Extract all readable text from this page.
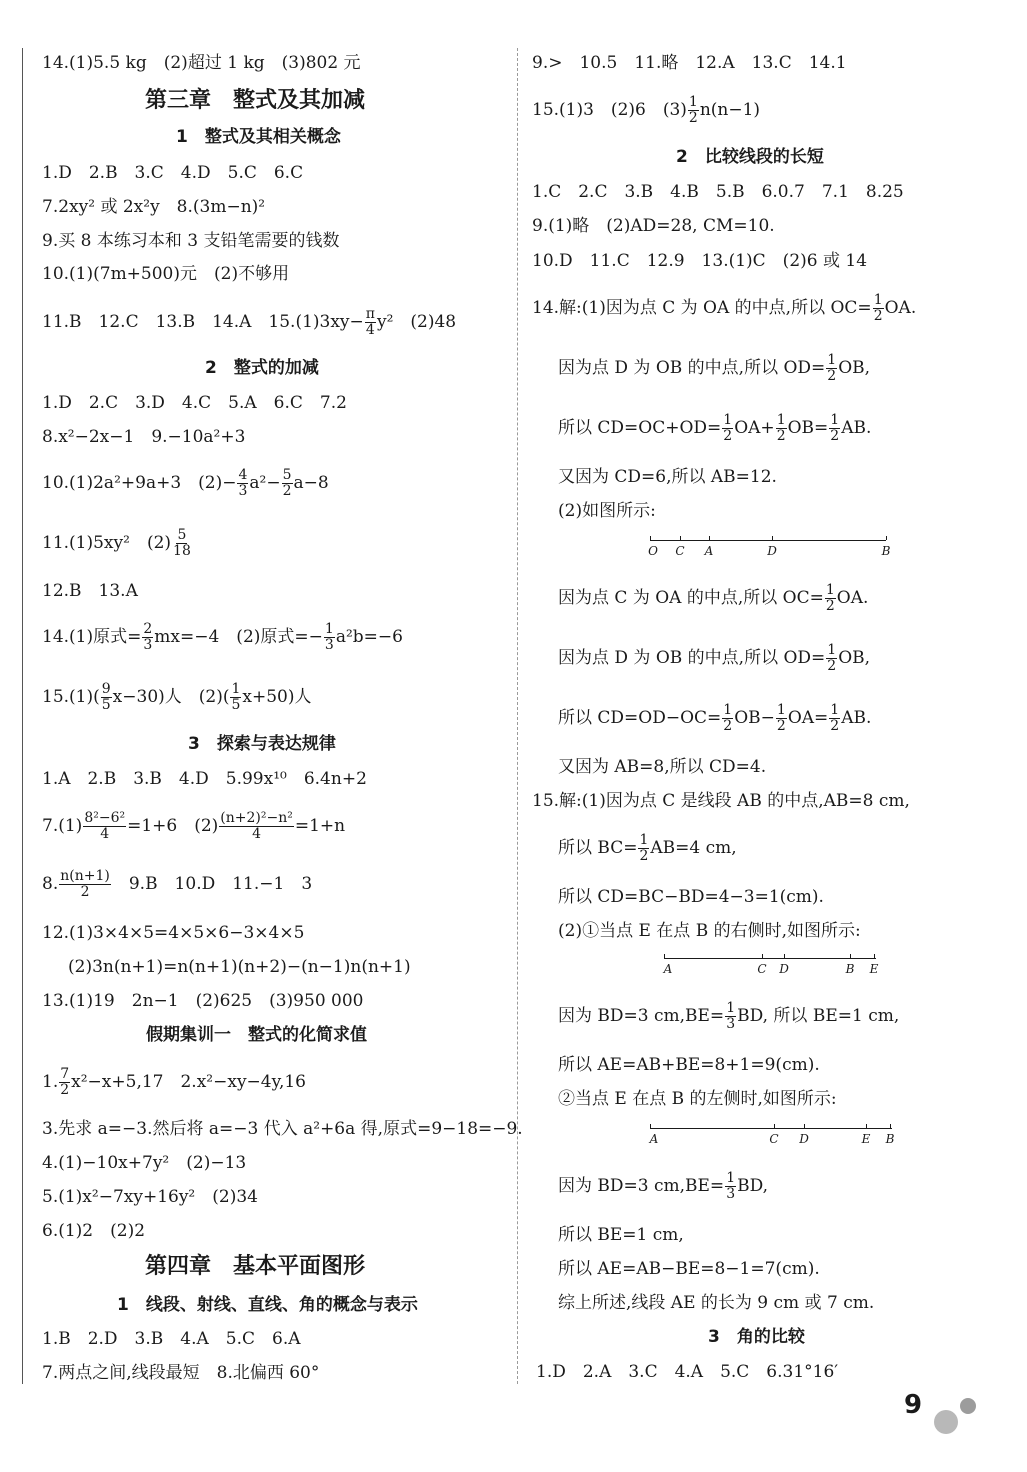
14.(1)5.5 kg　(2)超过 1 kg　(3)802 元
第三章　整式及其加减
1　整式及其相关概念
1.D　2.B　3.C　4.D　5.C　6.C
7.2xy² 或 2x²y　8.(3m−n)²
9.买 8 本练习本和 3 支铅笔需要的钱数
10.(1)(7m+500)元　(2)不够用
11.B　12.C　13.B　14.A　$15.(1)3xy- \frac{\pi}{4} y^2$　(2)48
2　整式的加减
1.D　2.C　3.D　4.C　5.A　6.C　7.2
8.x²−2x−1　9.−10a²+3
10.(1)2a²+9a+3　$(2)- \frac{4}{3} a^2- \frac{5}{2} a-8$
11.(1)5xy²　$(2) \frac{5}{18}$
12.B　13.A
14.(1)原式= $\frac{2}{3} mx=-4$　(2)原式=− $\frac{1}{3} a^2b=-6$
$15.(1)( \frac{9}{5} x-30)$人　$(2)( \frac{1}{5} x+50)$人
3　探索与表达规律
1.A　2.B　3.B　4.D　5.99x¹⁰　6.4n+2
$7.(1) \frac{\text{8²−6²}}{4} =1+6$　$(2) \frac{\text{(n+2)²−n²}}{4} =1+n$
8. $\frac{n(n+1)}{2}$ 　9.B　10.D　11.−1　3
12.(1)3×4×5=4×5×6−3×4×5
(2)3n(n+1)=n(n+1)(n+2)−(n−1)n(n+1)
13.(1)19　2n−1　(2)625　(3)950 000
假期集训一　整式的化简求值
1. $\frac{7}{2} x^2-x+5,17$　2.x²−xy−4y,16
3.先求 a=−3.然后将 a=−3 代入 a²+6a 得,原式=9−18=−9.
4.(1)−10x+7y²　(2)−13
5.(1)x²−7xy+16y²　(2)34
6.(1)2　(2)2
第四章　基本平面图形
1　线段、射线、直线、角的概念与表示
1.B　2.D　3.B　4.A　5.C　6.A
7.两点之间,线段最短　8.北偏西 60°
9.>　10.5　11.略　12.A　13.C　14.1
15.(1)3　(2)6　$(3) \frac{1}{2} n(n-1)$
2　比较线段的长短
1.C　2.C　3.B　4.B　5.B　6.0.7　7.1　8.25
9.(1)略　(2)AD=28, CM=10.
10.D　11.C　12.9　13.(1)C　(2)6 或 14
14.解:(1)因为点 C 为 OA 的中点,所以 $OC= \frac{1}{2}$ OA.
因为点 D 为 OB 的中点,所以 $OD= \frac{1}{2}$ OB,
所以 $CD=OC+OD= \frac{1}{2} OA+ \frac{1}{2} OB= \frac{1}{2}$ AB.
又因为 CD=6,所以 AB=12.
(2)如图所示:
O C A	D	B
因为点 C 为 OA 的中点,所以 $OC= \frac{1}{2}$ OA.
因为点 D 为 OB 的中点,所以 $OD= \frac{1}{2}$ OB,
所以 $CD=OD-OC= \frac{1}{2} OB- \frac{1}{2} OA= \frac{1}{2}$ AB.
又因为 AB=8,所以 CD=4.
15.解:(1)因为点 C 是线段 AB 的中点,AB=8 cm,
所以 $BC= \frac{1}{2} AB=4$ cm,
所以 CD=BC−BD=4−3=1(cm).
(2)①当点 E 在点 B 的右侧时,如图所示:
A	C D	B E
因为 BD=3 $cm,BE= \frac{1}{3}$ BD, 所以 BE=1 cm,
所以 AE=AB+BE=8+1=9(cm).
②当点 E 在点 B 的左侧时,如图所示:
A	C D	E B
因为 BD=3 $cm,BE= \frac{1}{3}$ BD,
所以 BE=1 cm,
所以 AE=AB−BE=8−1=7(cm).
综上所述,线段 AE 的长为 9 cm 或 7 cm.
3　角的比较
1.D　2.A　3.C　4.A　5.C　6.31°16′
9
